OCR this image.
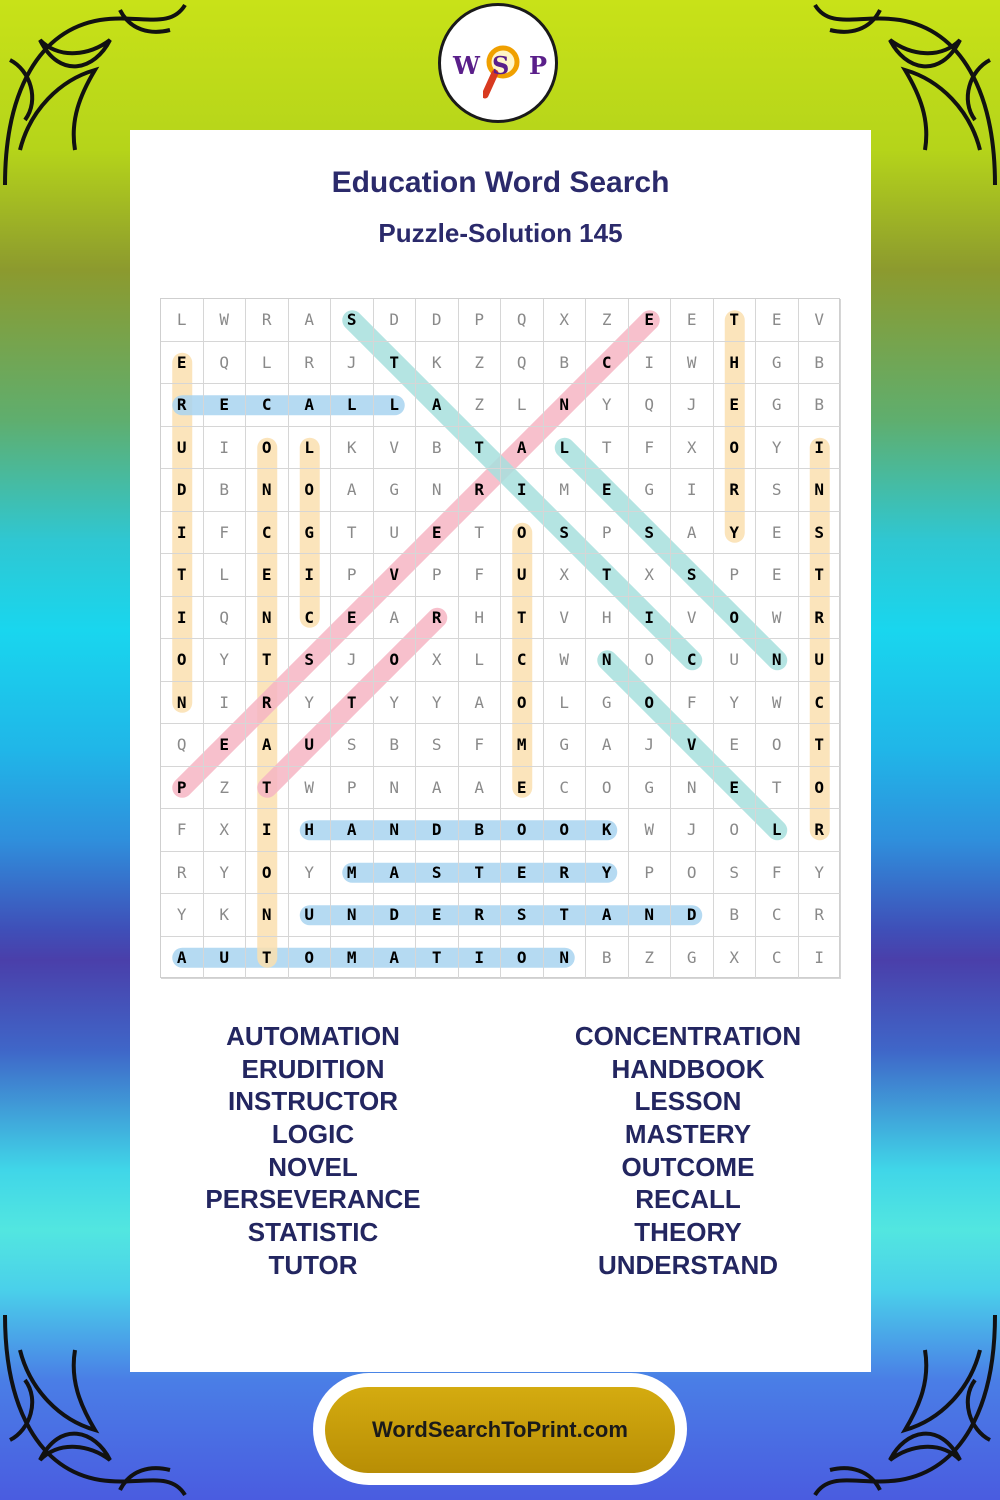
W S P
Education Word Search
Puzzle-Solution 145
L	W	R	A	S	D	D	P	Q	X	Z	E	E	T	E	V
E	Q	L	R	J	T	K	Z	Q	B	C	I	W	H	G	B
R	E	C	A	L	L	A	Z	L	N	Y	Q	J	E	G	B
U	I	O	L	K	V	B	T	A	L	T	F	X	O	Y	I
D	B	N	O	A	G	N	R	I	M	E	G	I	R	S	N
I	F	C	G	T	U	E	T	O	S	P	S	A	Y	E	S
T	L	E	I	P	V	P	F	U	X	T	X	S	P	E	T
I	Q	N	C	E	A	R	H	T	V	H	I	V	O	W	R
O	Y	T	S	J	O	X	L	C	W	N	O	C	U	N	U
N	I	R	Y	T	Y	Y	A	O	L	G	O	F	Y	W	C
Q	E	A	U	S	B	S	F	M	G	A	J	V	E	O	T
P	Z	T	W	P	N	A	A	E	C	O	G	N	E	T	O
F	X	I	H	A	N	D	B	O	O	K	W	J	O	L	R
R	Y	O	Y	M	A	S	T	E	R	Y	P	O	S	F	Y
Y	K	N	U	N	D	E	R	S	T	A	N	D	B	C	R
A	U	T	O	M	A	T	I	O	N	B	Z	G	X	C	I
AUTOMATION
ERUDITION
INSTRUCTOR
LOGIC
NOVEL
PERSEVERANCE
STATISTIC
TUTOR
CONCENTRATION
HANDBOOK
LESSON
MASTERY
OUTCOME
RECALL
THEORY
UNDERSTAND
WordSearchToPrint.com
